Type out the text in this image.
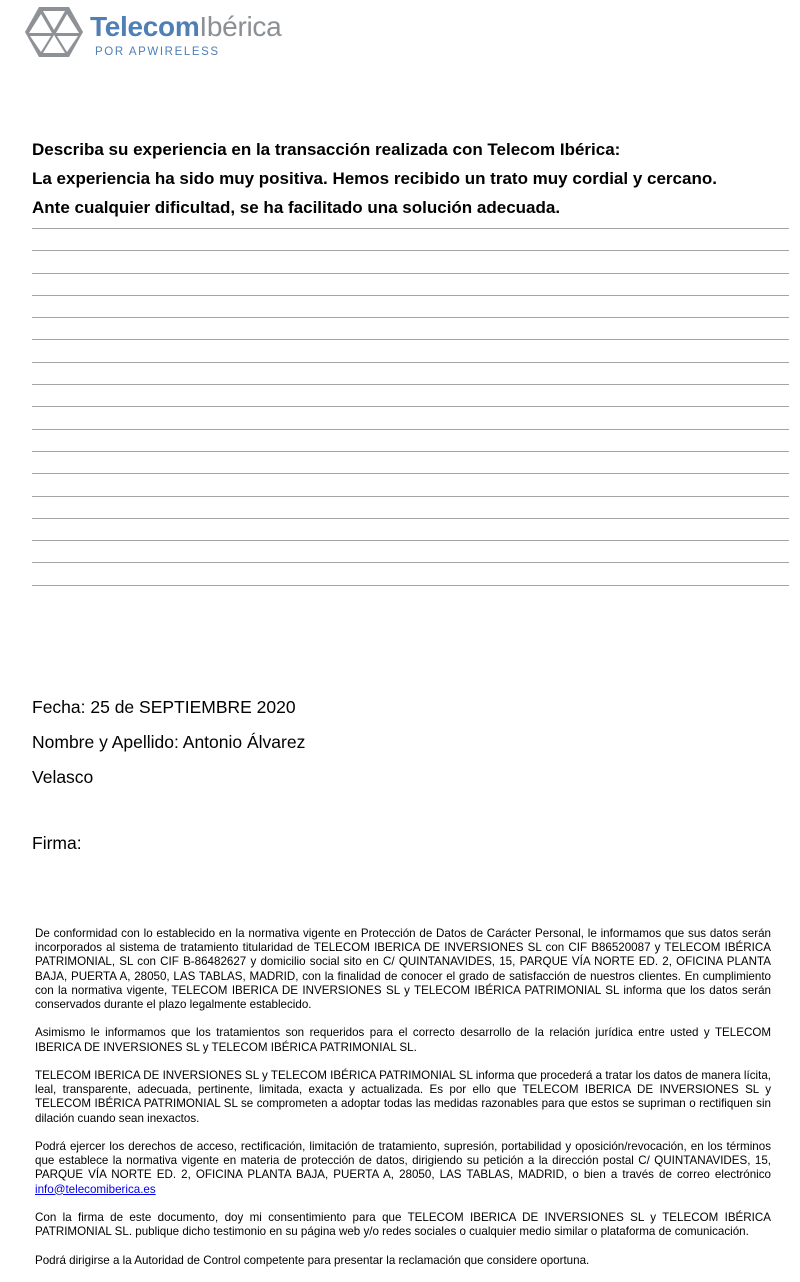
TelecomIbérica
POR APWIRELESS

Describa su experiencia en la transacción realizada con Telecom Ibérica:

La experiencia ha sido muy positiva. Hemos recibido un trato muy cordial y cercano.

Ante cualquier dificultad, se ha facilitado una solución adecuada.

Fecha: 25 de SEPTIEMBRE 2020
Nombre y Apellido: Antonio Álvarez
Velasco
Firma:

De conformidad con lo establecido en la normativa vigente en Protección de Datos de Carácter Personal, le informamos que sus datos serán incorporados al sistema de tratamiento titularidad de TELECOM IBERICA DE INVERSIONES SL con CIF B86520087 y TELECOM IBÉRICA PATRIMONIAL, SL con CIF B-86482627 y domicilio social sito en C/ QUINTANAVIDES, 15, PARQUE VÍA NORTE ED. 2, OFICINA PLANTA BAJA, PUERTA A, 28050, LAS TABLAS, MADRID, con la finalidad de conocer el grado de satisfacción de nuestros clientes. En cumplimiento con la normativa vigente, TELECOM IBERICA DE INVERSIONES SL y TELECOM IBÉRICA PATRIMONIAL SL informa que los datos serán conservados durante el plazo legalmente establecido.

Asimismo le informamos que los tratamientos son requeridos para el correcto desarrollo de la relación jurídica entre usted y TELECOM IBERICA DE INVERSIONES SL y TELECOM IBÉRICA PATRIMONIAL SL.

TELECOM IBERICA DE INVERSIONES SL y TELECOM IBÉRICA PATRIMONIAL SL informa que procederá a tratar los datos de manera lícita, leal, transparente, adecuada, pertinente, limitada, exacta y actualizada. Es por ello que TELECOM IBERICA DE INVERSIONES SL y TELECOM IBÉRICA PATRIMONIAL SL se comprometen a adoptar todas las medidas razonables para que estos se supriman o rectifiquen sin dilación cuando sean inexactos.

Podrá ejercer los derechos de acceso, rectificación, limitación de tratamiento, supresión, portabilidad y oposición/revocación, en los términos que establece la normativa vigente en materia de protección de datos, dirigiendo su petición a la dirección postal C/ QUINTANAVIDES, 15, PARQUE VÍA NORTE ED. 2, OFICINA PLANTA BAJA, PUERTA A, 28050, LAS TABLAS, MADRID, o bien a través de correo electrónico info@telecomiberica.es

Con la firma de este documento, doy mi consentimiento para que TELECOM IBERICA DE INVERSIONES SL y TELECOM IBÉRICA PATRIMONIAL SL. publique dicho testimonio en su página web y/o redes sociales o cualquier medio similar o plataforma de comunicación.

Podrá dirigirse a la Autoridad de Control competente para presentar la reclamación que considere oportuna.
